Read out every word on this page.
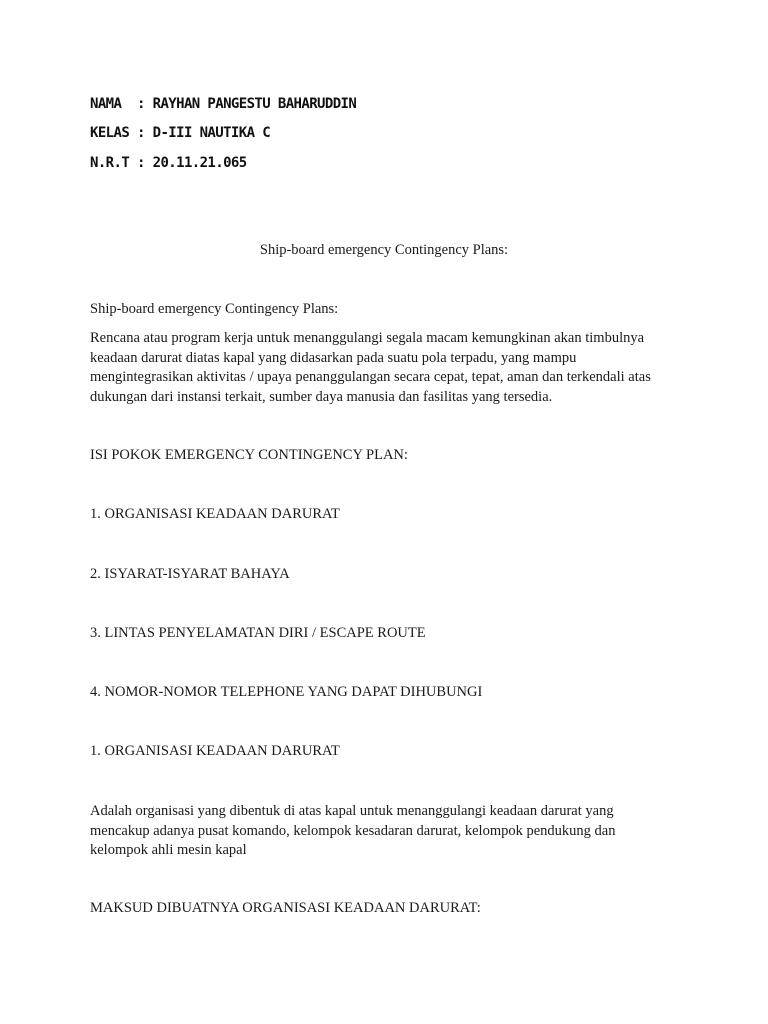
NAMA  : RAYHAN PANGESTU BAHARUDDIN
KELAS : D-III NAUTIKA C
N.R.T : 20.11.21.065
Ship-board emergency Contingency Plans:
Ship-board emergency Contingency Plans:
Rencana atau program kerja untuk menanggulangi segala macam kemungkinan akan timbulnya
keadaan darurat diatas kapal yang didasarkan pada suatu pola terpadu, yang mampu
mengintegrasikan aktivitas / upaya penanggulangan secara cepat, tepat, aman dan terkendali atas
dukungan dari instansi terkait, sumber daya manusia dan fasilitas yang tersedia.
ISI POKOK EMERGENCY CONTINGENCY PLAN:
1. ORGANISASI KEADAAN DARURAT
2. ISYARAT-ISYARAT BAHAYA
3. LINTAS PENYELAMATAN DIRI / ESCAPE ROUTE
4. NOMOR-NOMOR TELEPHONE YANG DAPAT DIHUBUNGI
1. ORGANISASI KEADAAN DARURAT
Adalah organisasi yang dibentuk di atas kapal untuk menanggulangi keadaan darurat yang
mencakup adanya pusat komando, kelompok kesadaran darurat, kelompok pendukung dan
kelompok ahli mesin kapal
MAKSUD DIBUATNYA ORGANISASI KEADAAN DARURAT:
